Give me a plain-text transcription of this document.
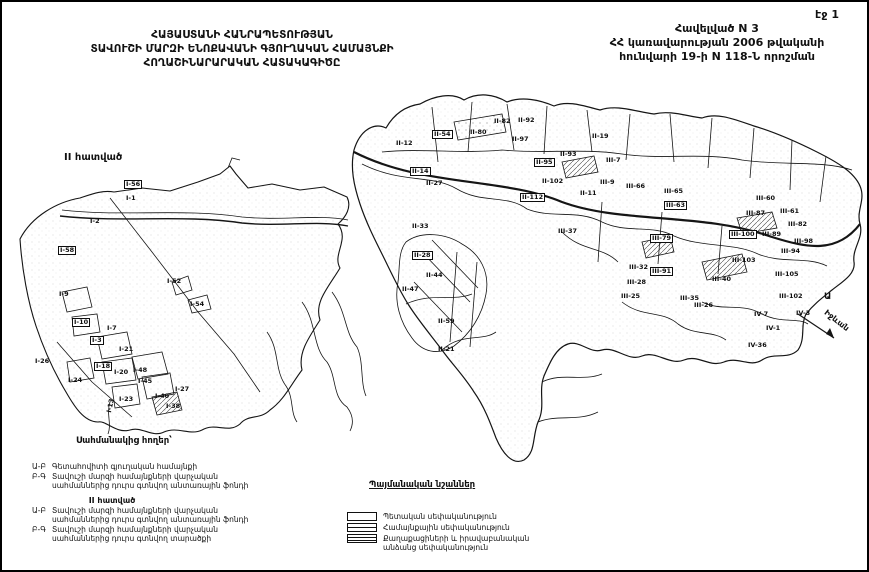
էջ 1
Հավելված N 3
ՀՀ կառավարության 2006 թվականի
հունվարի 19-ի N 118-Ն որոշման
ՀԱՅԱՍՏԱՆԻ ՀԱՆՐԱՊԵՏՈՒԹՅԱՆ
ՏԱՎՈՒՇԻ ՄԱՐԶԻ ԵՆՈՔԱՎԱՆԻ ԳՅՈՒՂԱԿԱՆ ՀԱՄԱՅՆՔԻ
ՀՈՂԱՇԻՆԱՐԱՐԱԿԱՆ ՀԱՏԱԿԱԳԻԾԸ
II հատված
I-56
I-1
I-2
I-58
I-52
I-54
I-9
I-10
I-7
I-3
I-26
I-21
I-18
I-20 I-48
I-45
I-24
I-27
I-40
I-38
I-23
I-13
II-12
II-54	II-80
II-82 II-92
II-97	II-19
II-93
II-95	III-7
II-14
II-27	II-102
II-112	II-11
III-9
II-33
III-37
II-28
II-44
II-47
II-59
II-21
III-66
III-65
III-63
III-60
III-87 III-61
III-82
III-79	III-100	III-89
III-98
III-94
III-103
III-32 III-91
III-28
III-25
III-105
III-40
III-102
III-35
III-26
IV-7	IV-3
IV-1
IV-36
Ա
Իջևան
Սահմանակից հողեր՝
Ա-Բ Գետահովիտի գյուղական համայնքի
Բ-Գ Տավուշի մարզի համայնքների վարչական
սահմաններից դուրս գտնվող անտառային ֆոնդի
II հատված
Ա-Բ Տավուշի մարզի համայնքների վարչական
սահմաններից դուրս գտնվող անտառային ֆոնդի
Բ-Գ Տավուշի մարզի համայնքների վարչական
սահմաններից դուրս գտնվող տարածքի
Պայմանական նշաններ
Պետական սեփականություն
Համայնքային սեփականություն
Քաղաքացիների և իրավաբանական անձանց սեփականություն
